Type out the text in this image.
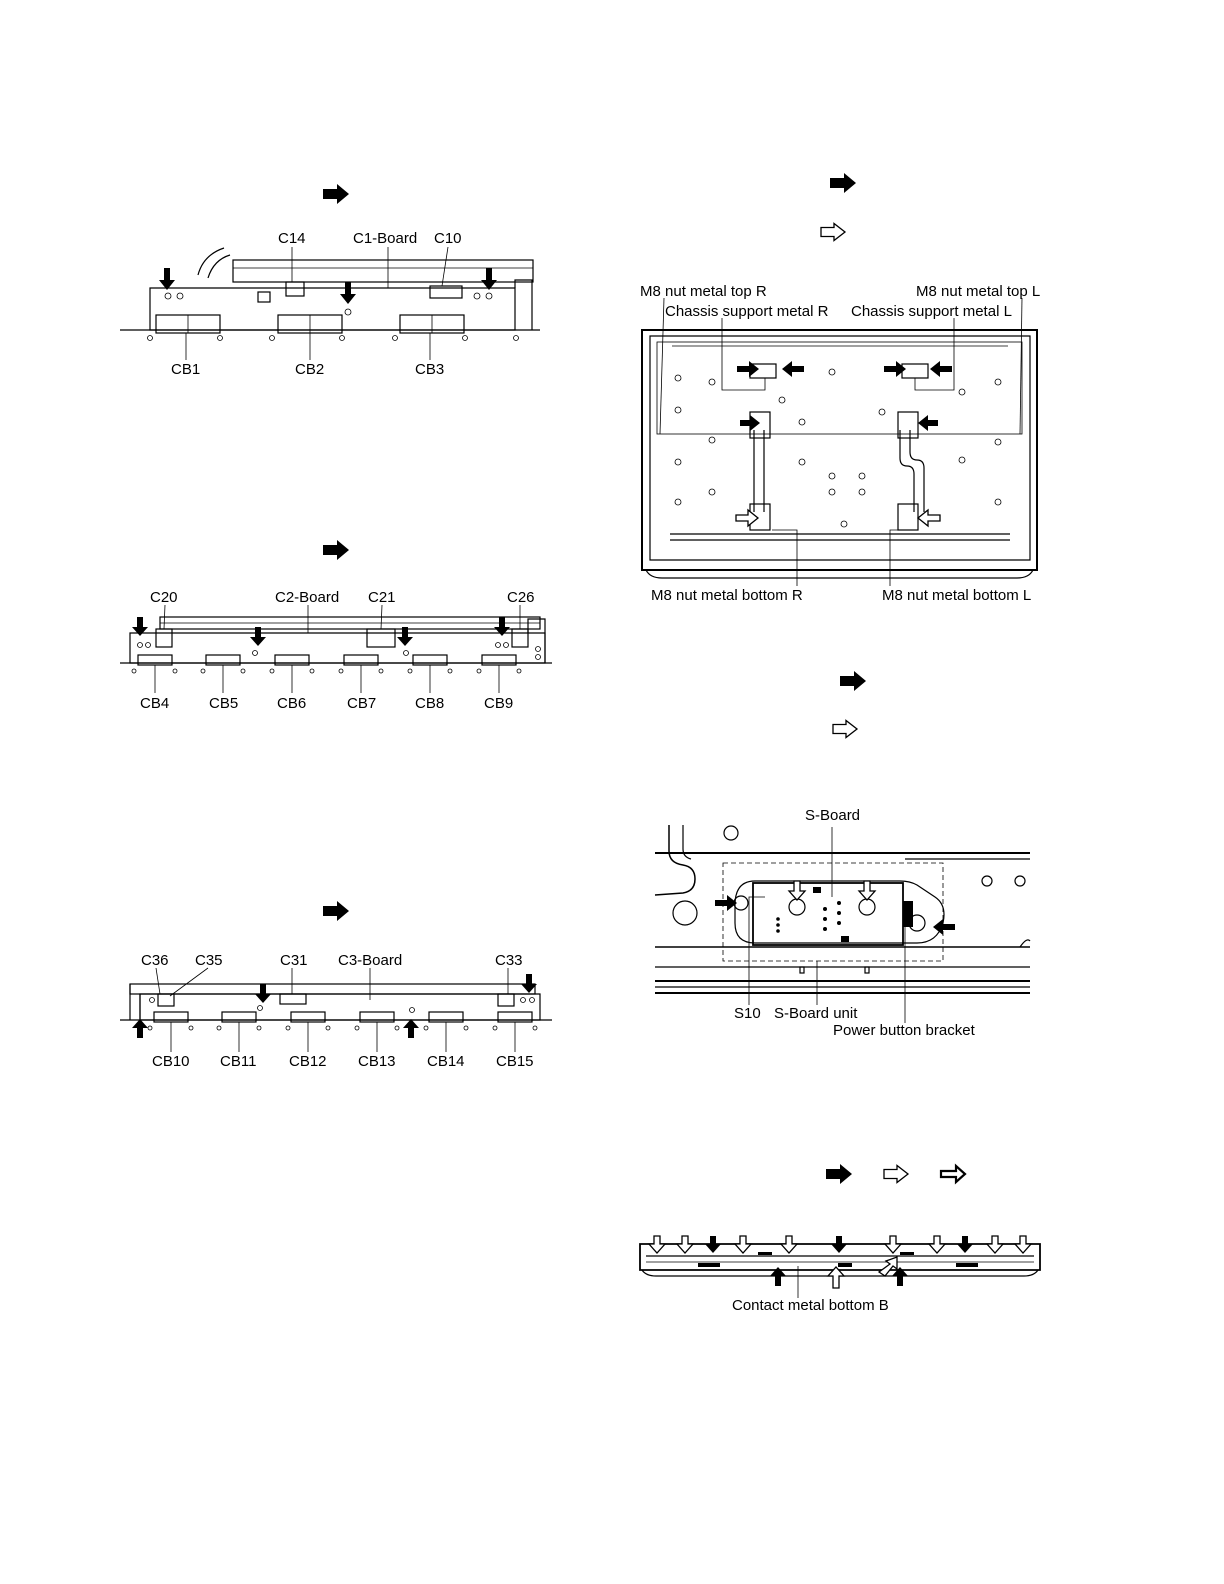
C14	C1-Board C10
CB1	CB2	CB3
C20	C2-Board C21	C26
CB4	CB5	CB6	CB7	CB8	CB9
C36 C35	C31 C3-Board	C33
CB10 CB11 CB12 CB13 CB14 CB15
M8 nut metal top R	M8 nut metal top L
Chassis support metal R Chassis support metal L
M8 nut metal bottom R	M8 nut metal bottom L
S-Board
S10 S-Board unit
Power button bracket
Contact metal bottom B
